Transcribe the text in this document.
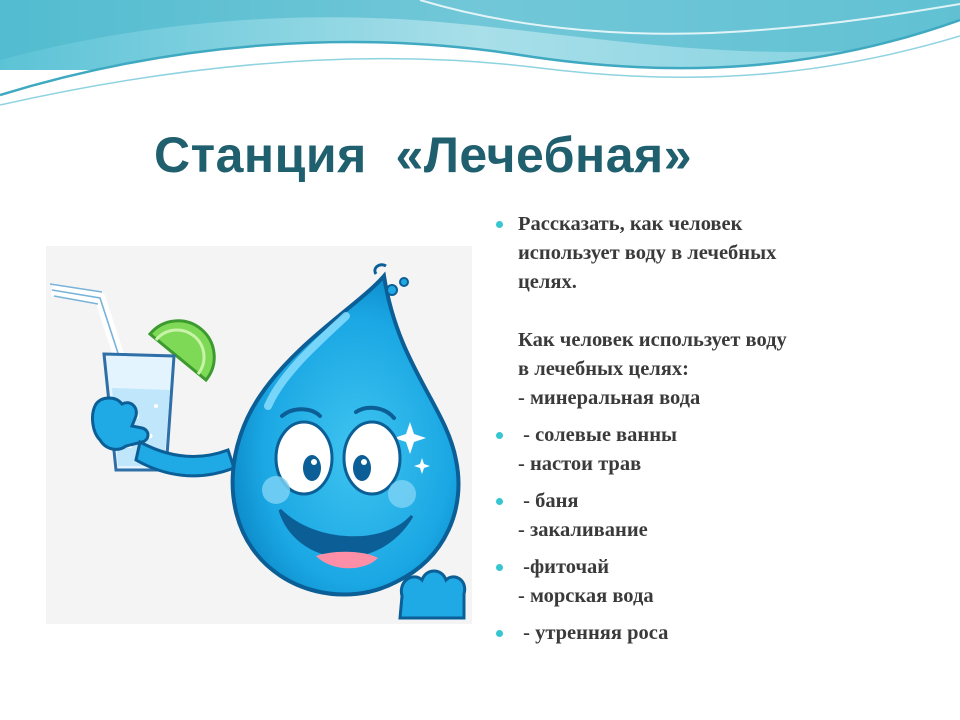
Станция  «Лечебная»
Рассказать, как человек
использует воду в лечебных
целях.
Как человек использует воду
в лечебных целях:
- минеральная вода
- солевые ванны
- настои трав
- баня
- закаливание
-фиточай
- морская вода
- утренняя роса
